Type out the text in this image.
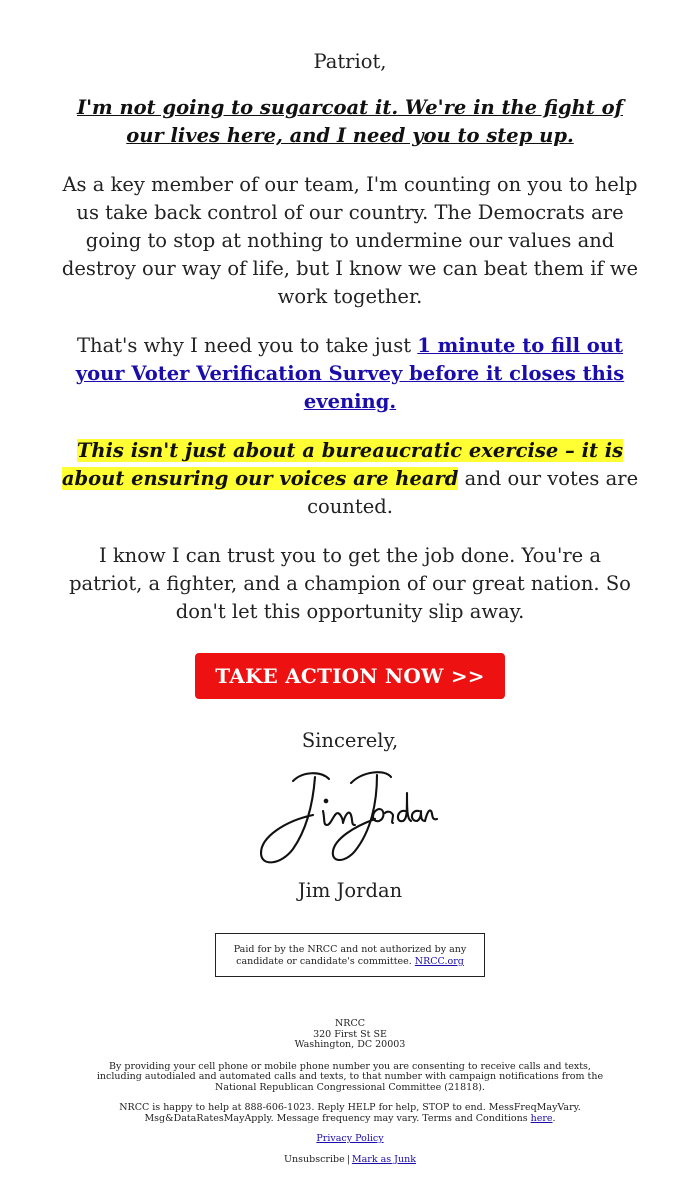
Patriot,

I'm not going to sugarcoat it. We're in the fight of our lives here, and I need you to step up.

As a key member of our team, I'm counting on you to help us take back control of our country. The Democrats are going to stop at nothing to undermine our values and destroy our way of life, but I know we can beat them if we work together.

That's why I need you to take just 1 minute to fill out your Voter Verification Survey before it closes this evening.

This isn't just about a bureaucratic exercise – it is about ensuring our voices are heard and our votes are counted.

I know I can trust you to get the job done. You're a patriot, a fighter, and a champion of our great nation. So don't let this opportunity slip away.

TAKE ACTION NOW >>

Sincerely,

Jim Jordan

Paid for by the NRCC and not authorized by any candidate or candidate's committee. NRCC.org

NRCC
320 First St SE
Washington, DC 20003

By providing your cell phone or mobile phone number you are consenting to receive calls and texts, including autodialed and automated calls and texts, to that number with campaign notifications from the National Republican Congressional Committee (21818).

NRCC is happy to help at 888-606-1023. Reply HELP for help, STOP to end. MessFreqMayVary. Msg&DataRatesMayApply. Message frequency may vary. Terms and Conditions here.

Privacy Policy

Unsubscribe | Mark as Junk
